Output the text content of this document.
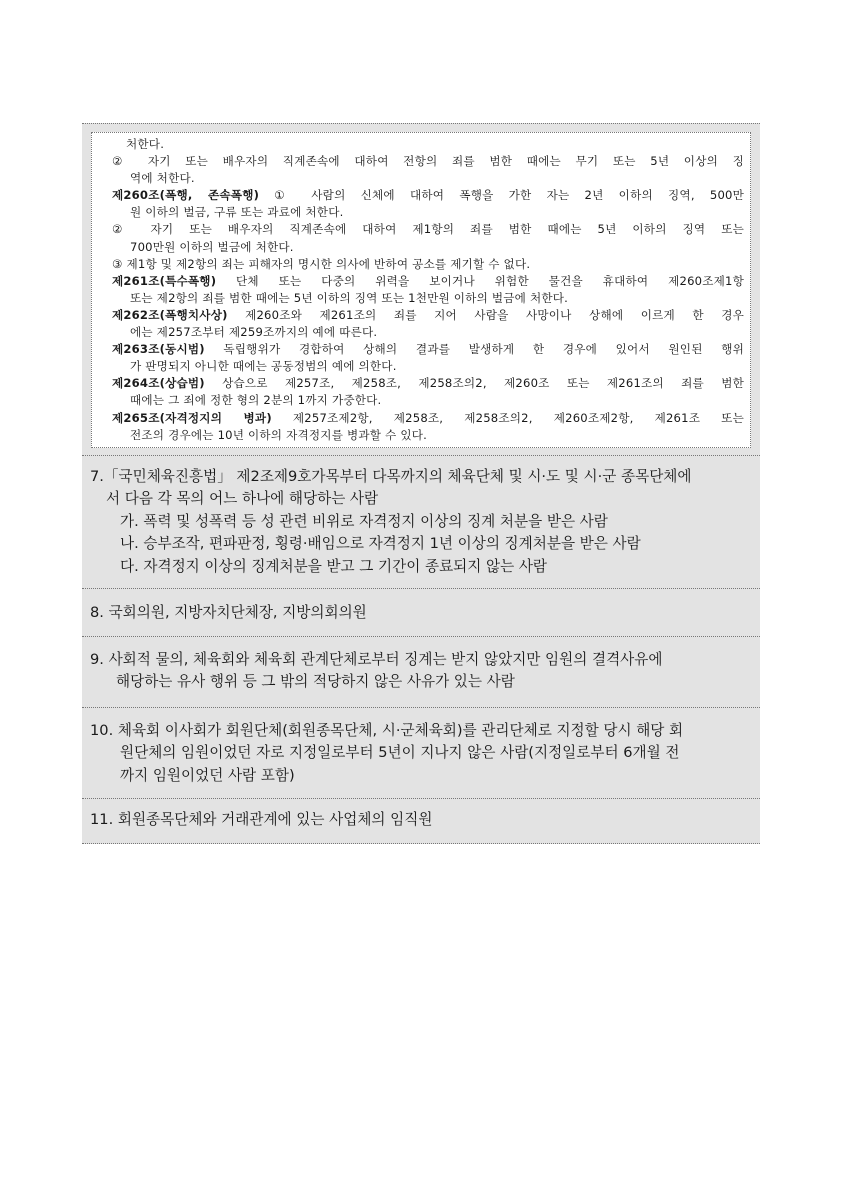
처한다.
② 자기 또는 배우자의 직계존속에 대하여 전항의 죄를 범한 때에는 무기 또는 5년 이상의 징
역에 처한다.
제260조(폭행, 존속폭행) ① 사람의 신체에 대하여 폭행을 가한 자는 2년 이하의 징역, 500만
원 이하의 벌금, 구류 또는 과료에 처한다.
② 자기 또는 배우자의 직계존속에 대하여 제1항의 죄를 범한 때에는 5년 이하의 징역 또는
700만원 이하의 벌금에 처한다.
③ 제1항 및 제2항의 죄는 피해자의 명시한 의사에 반하여 공소를 제기할 수 없다.
제261조(특수폭행) 단체 또는 다중의 위력을 보이거나 위험한 물건을 휴대하여 제260조제1항
또는 제2항의 죄를 범한 때에는 5년 이하의 징역 또는 1천만원 이하의 벌금에 처한다.
제262조(폭행치사상) 제260조와 제261조의 죄를 지어 사람을 사망이나 상해에 이르게 한 경우
에는 제257조부터 제259조까지의 예에 따른다.
제263조(동시범) 독립행위가 경합하여 상해의 결과를 발생하게 한 경우에 있어서 원인된 행위
가 판명되지 아니한 때에는 공동정범의 예에 의한다.
제264조(상습범) 상습으로 제257조, 제258조, 제258조의2, 제260조 또는 제261조의 죄를 범한
때에는 그 죄에 정한 형의 2분의 1까지 가중한다.
제265조(자격정지의 병과) 제257조제2항, 제258조, 제258조의2, 제260조제2항, 제261조 또는
전조의 경우에는 10년 이하의 자격정지를 병과할 수 있다.
7.「국민체육진흥법」 제2조제9호가목부터 다목까지의 체육단체 및 시·도 및 시·군 종목단체에
서 다음 각 목의 어느 하나에 해당하는 사람
가. 폭력 및 성폭력 등 성 관련 비위로 자격정지 이상의 징계 처분을 받은 사람
나. 승부조작, 편파판정, 횡령·배임으로 자격정지 1년 이상의 징계처분을 받은 사람
다. 자격정지 이상의 징계처분을 받고 그 기간이 종료되지 않는 사람
8. 국회의원, 지방자치단체장, 지방의회의원
9. 사회적 물의, 체육회와 체육회 관계단체로부터 징계는 받지 않았지만 임원의 결격사유에
해당하는 유사 행위 등 그 밖의 적당하지 않은 사유가 있는 사람
10. 체육회 이사회가 회원단체(회원종목단체, 시·군체육회)를 관리단체로 지정할 당시 해당 회
원단체의 임원이었던 자로 지정일로부터 5년이 지나지 않은 사람(지정일로부터 6개월 전
까지 임원이었던 사람 포함)
11. 회원종목단체와 거래관계에 있는 사업체의 임직원
